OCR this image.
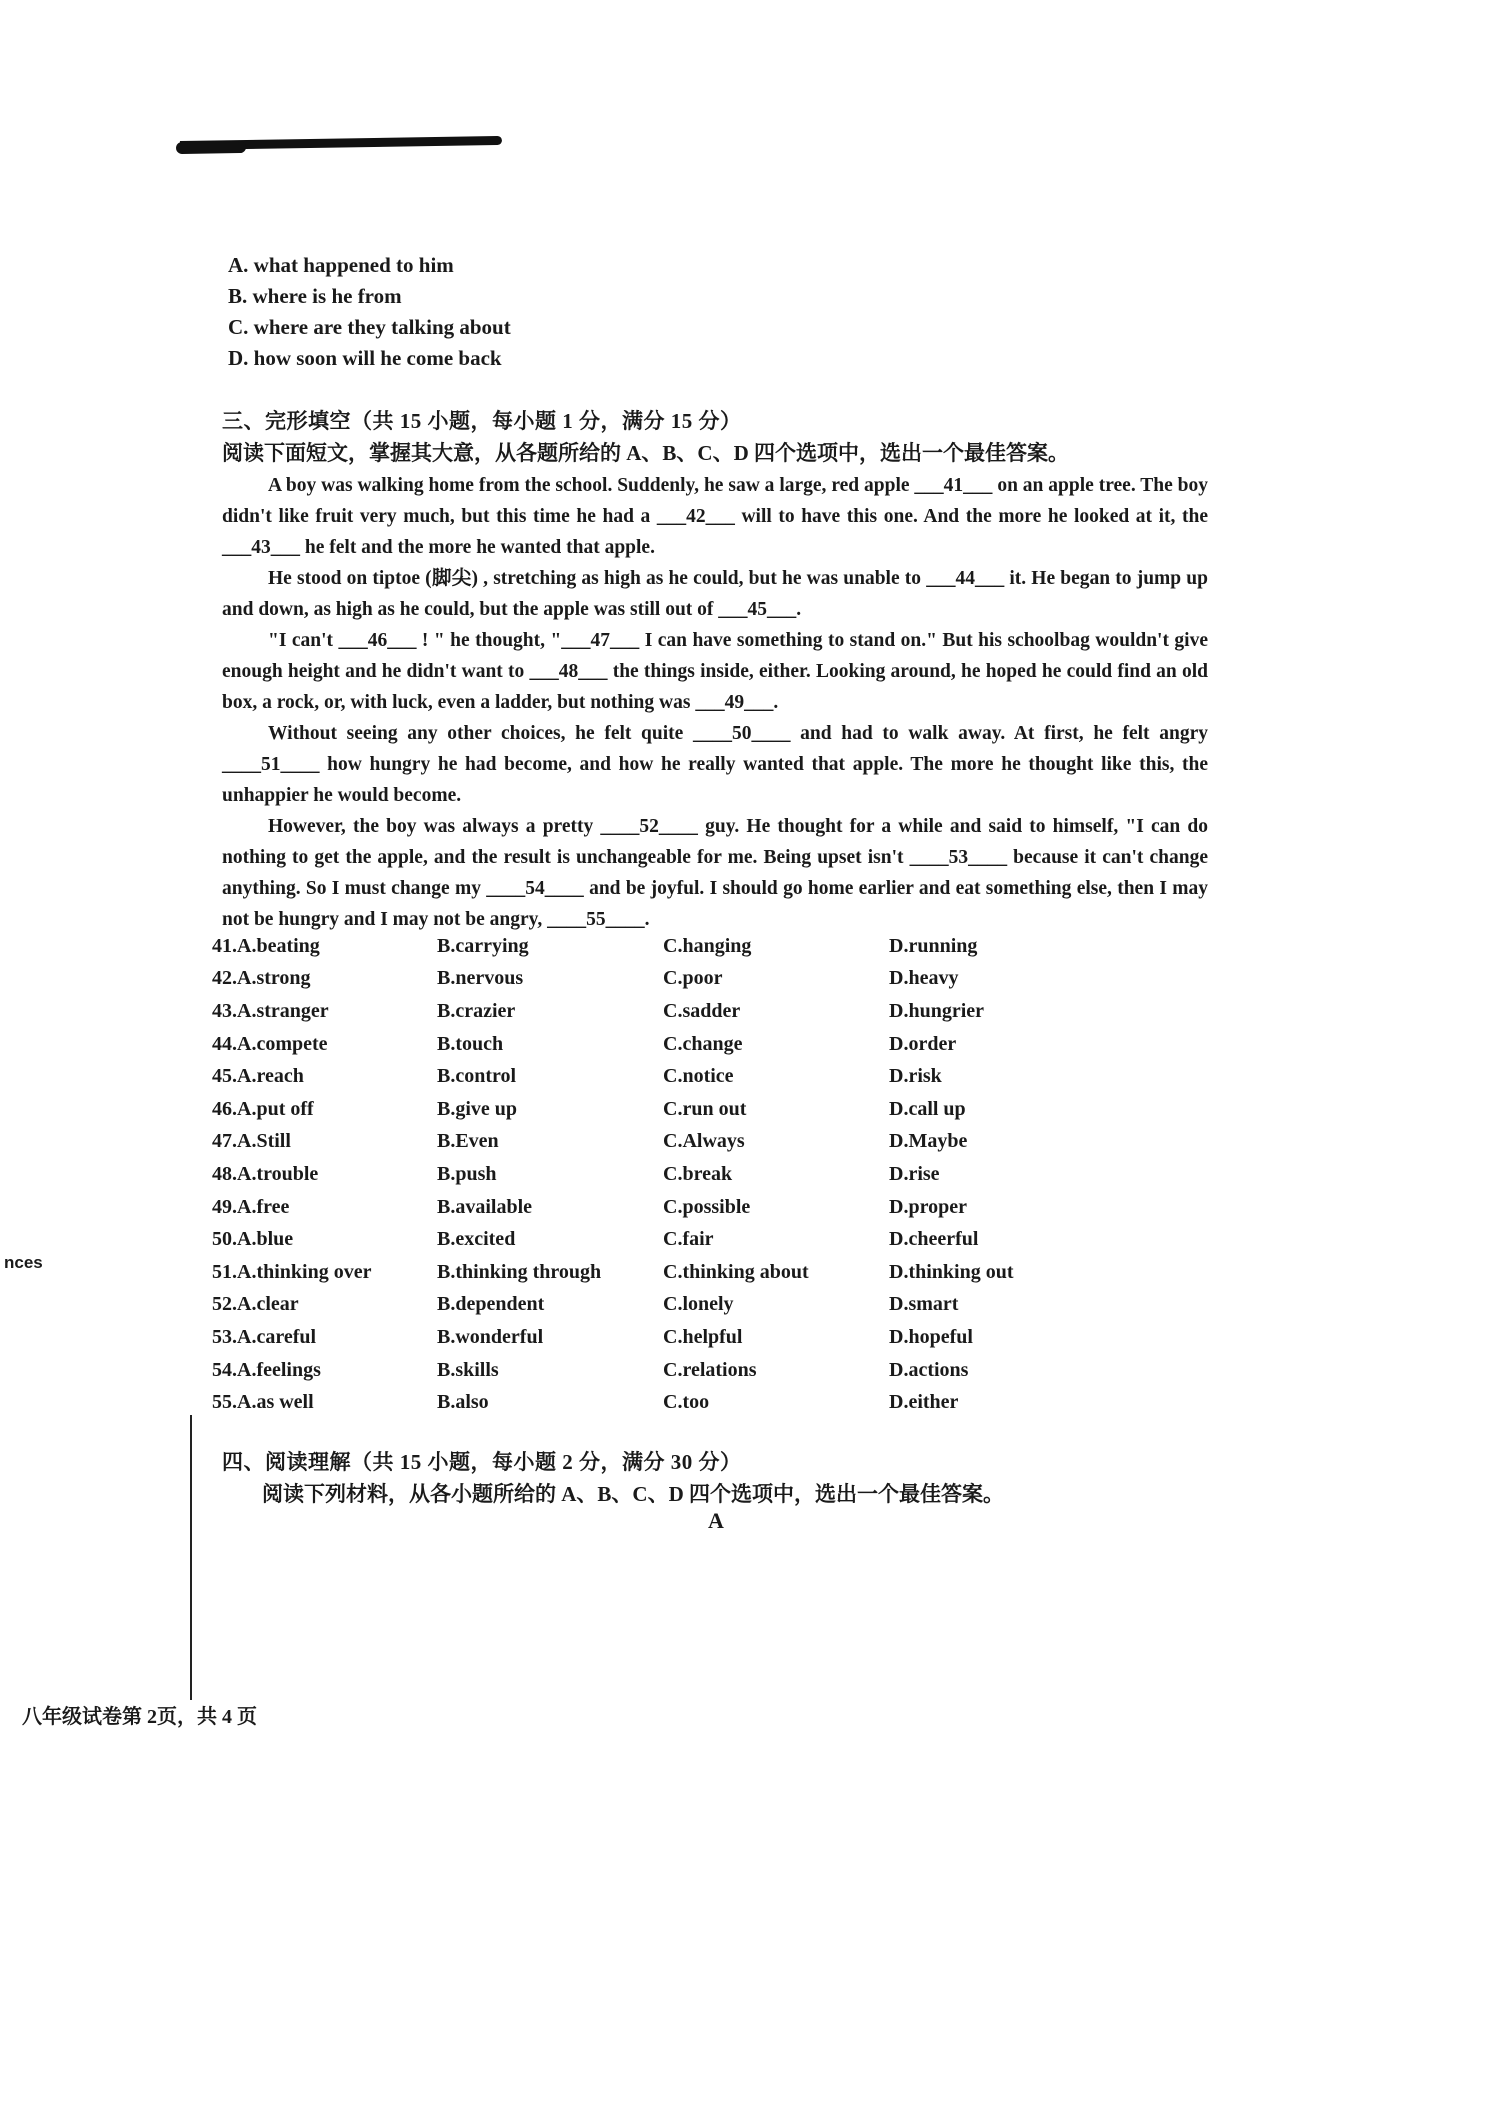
A. what happened to him
B. where is he from
C. where are they talking about
D. how soon will he come back
三、完形填空（共 15 小题，每小题 1 分，满分 15 分）
阅读下面短文，掌握其大意，从各题所给的 A、B、C、D 四个选项中，选出一个最佳答案。

A boy was walking home from the school. Suddenly, he saw a large, red apple ___41___ on an apple tree. The boy didn't like fruit very much, but this time he had a ___42___ will to have this one. And the more he looked at it, the ___43___ he felt and the more he wanted that apple.

He stood on tiptoe (脚尖) , stretching as high as he could, but he was unable to ___44___ it. He began to jump up and down, as high as he could, but the apple was still out of ___45___.

"I can't ___46___ ! " he thought, "___47___ I can have something to stand on." But his schoolbag wouldn't give enough height and he didn't want to ___48___ the things inside, either. Looking around, he hoped he could find an old box, a rock, or, with luck, even a ladder, but nothing was ___49___.

Without seeing any other choices, he felt quite ____50____ and had to walk away. At first, he felt angry ____51____ how hungry he had become, and how he really wanted that apple. The more he thought like this, the unhappier he would become.

However, the boy was always a pretty ____52____ guy. He thought for a while and said to himself, "I can do nothing to get the apple, and the result is unchangeable for me. Being upset isn't ____53____ because it can't change anything. So I must change my ____54____ and be joyful. I should go home earlier and eat something else, then I may not be hungry and I may not be angry, ____55____.

41.A.beating	B.carrying	C.hanging	D.running
42.A.strong	B.nervous	C.poor	D.heavy
43.A.stranger	B.crazier	C.sadder	D.hungrier
44.A.compete	B.touch	C.change	D.order
45.A.reach	B.control	C.notice	D.risk
46.A.put off	B.give up	C.run out	D.call up
47.A.Still	B.Even	C.Always	D.Maybe
48.A.trouble	B.push	C.break	D.rise
49.A.free	B.available	C.possible	D.proper
50.A.blue	B.excited	C.fair	D.cheerful
51.A.thinking over	B.thinking through	C.thinking about	D.thinking out
52.A.clear	B.dependent	C.lonely	D.smart
53.A.careful	B.wonderful	C.helpful	D.hopeful
54.A.feelings	B.skills	C.relations	D.actions
55.A.as well	B.also	C.too	D.either
四、阅读理解（共 15 小题，每小题 2 分，满分 30 分）
阅读下列材料，从各小题所给的 A、B、C、D 四个选项中，选出一个最佳答案。
A
nces
八年级试卷第 2页，共 4 页
